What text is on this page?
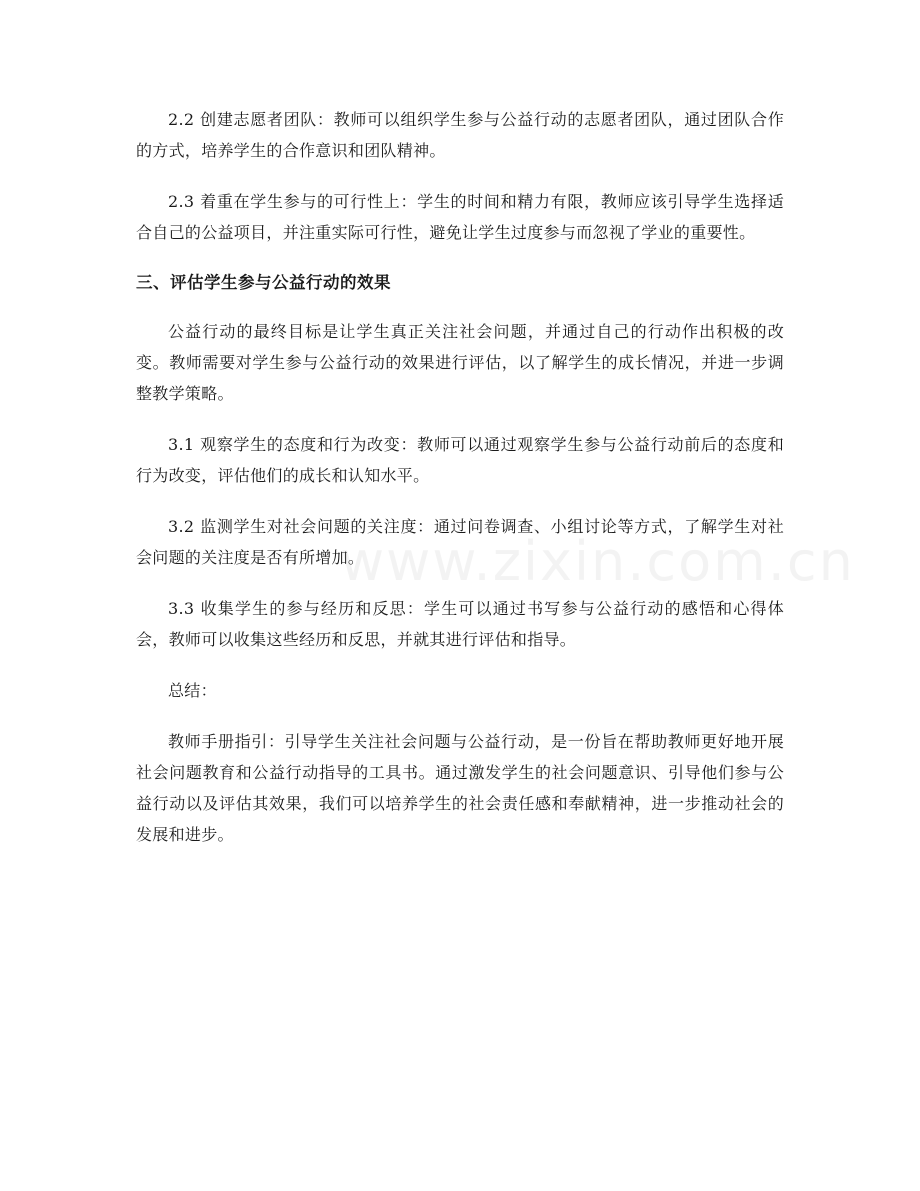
2.2 创建志愿者团队：教师可以组织学生参与公益行动的志愿者团队，通过团队合作的方式，培养学生的合作意识和团队精神。

2.3 着重在学生参与的可行性上：学生的时间和精力有限，教师应该引导学生选择适合自己的公益项目，并注重实际可行性，避免让学生过度参与而忽视了学业的重要性。

三、评估学生参与公益行动的效果

公益行动的最终目标是让学生真正关注社会问题，并通过自己的行动作出积极的改变。教师需要对学生参与公益行动的效果进行评估，以了解学生的成长情况，并进一步调整教学策略。

3.1 观察学生的态度和行为改变：教师可以通过观察学生参与公益行动前后的态度和行为改变，评估他们的成长和认知水平。

3.2 监测学生对社会问题的关注度：通过问卷调查、小组讨论等方式，了解学生对社会问题的关注度是否有所增加。

3.3 收集学生的参与经历和反思：学生可以通过书写参与公益行动的感悟和心得体会，教师可以收集这些经历和反思，并就其进行评估和指导。

总结：

教师手册指引：引导学生关注社会问题与公益行动，是一份旨在帮助教师更好地开展社会问题教育和公益行动指导的工具书。通过激发学生的社会问题意识、引导他们参与公益行动以及评估其效果，我们可以培养学生的社会责任感和奉献精神，进一步推动社会的发展和进步。

www.zixin.com.cn
